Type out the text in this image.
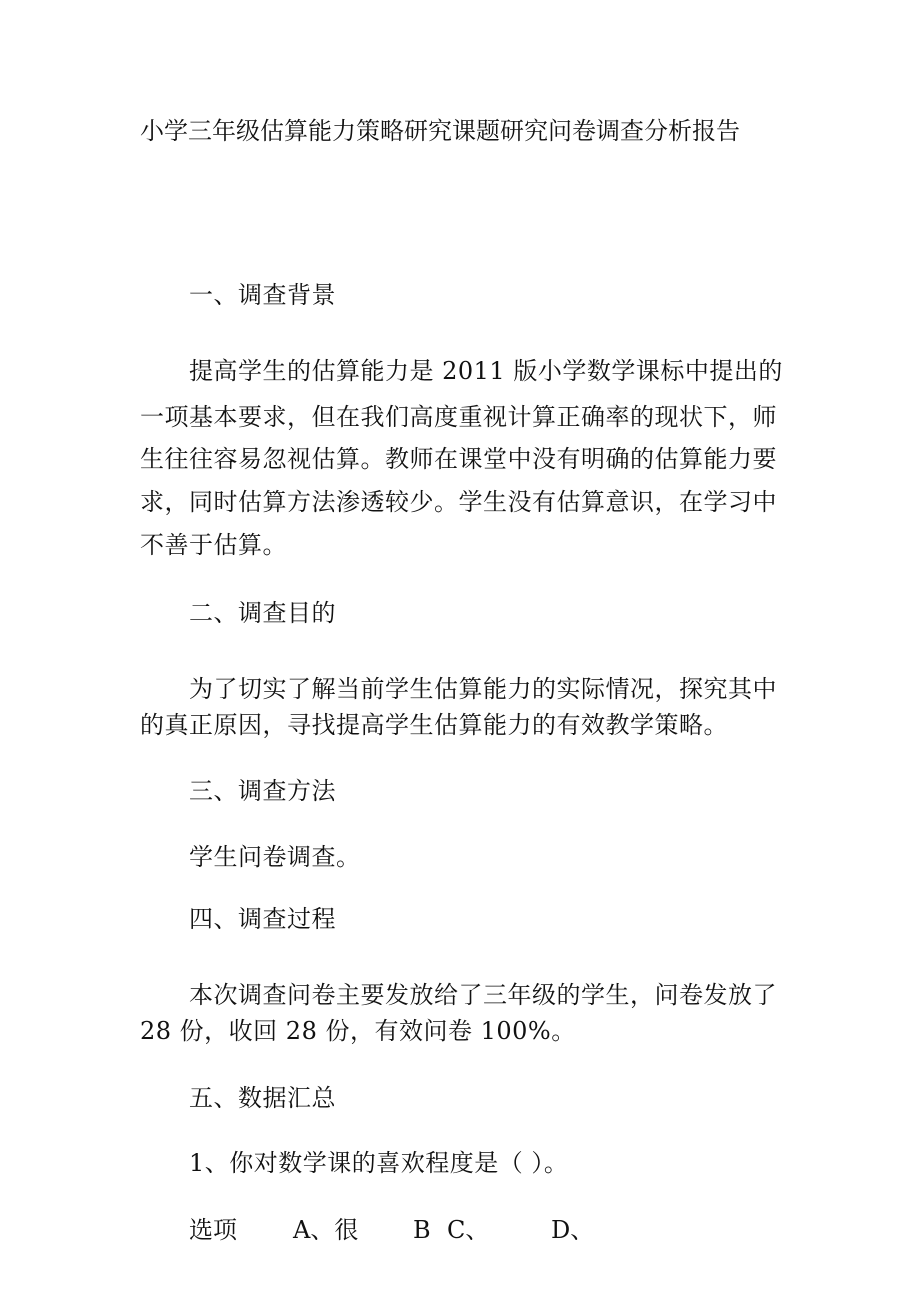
小学三年级估算能力策略研究课题研究问卷调查分析报告
一、调查背景
提高学生的估算能力是 2011 版小学数学课标中提出的
一项基本要求，但在我们高度重视计算正确率的现状下，师
生往往容易忽视估算。教师在课堂中没有明确的估算能力要
求，同时估算方法渗透较少。学生没有估算意识，在学习中
不善于估算。
二、调查目的
为了切实了解当前学生估算能力的实际情况，探究其中
的真正原因，寻找提高学生估算能力的有效教学策略。
三、调查方法
学生问卷调查。
四、调查过程
本次调查问卷主要发放给了三年级的学生，问卷发放了
28 份，收回 28 份，有效问卷 100%。
五、数据汇总
1、你对数学课的喜欢程度是（ ）。
选项 A、很 B C、	D、
